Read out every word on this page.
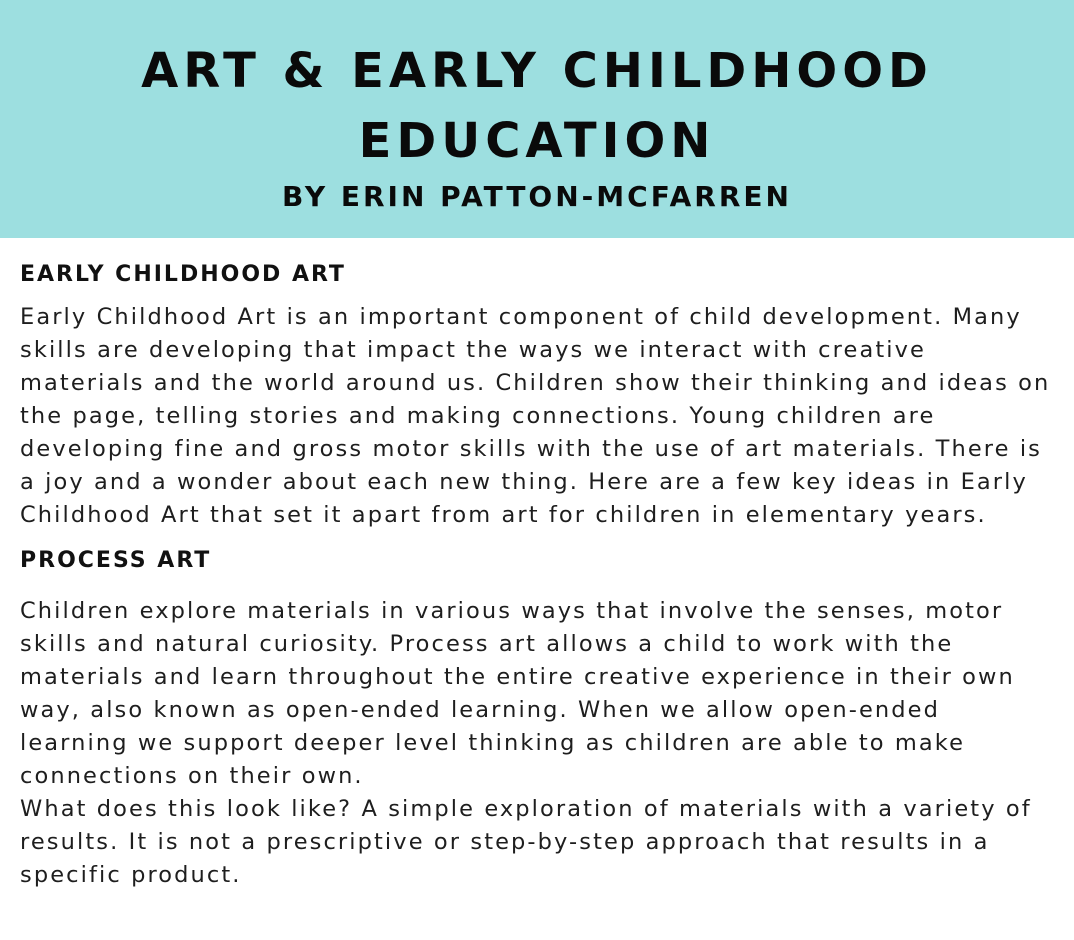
ART & EARLY CHILDHOOD EDUCATION
BY ERIN PATTON-MCFARREN
EARLY CHILDHOOD ART

Early Childhood Art is an important component of child development. Many skills are developing that impact the ways we interact with creative materials and the world around us. Children show their thinking and ideas on the page, telling stories and making connections. Young children are developing fine and gross motor skills with the use of art materials. There is a joy and a wonder about each new thing. Here are a few key ideas in Early Childhood Art that set it apart from art for children in elementary years.

PROCESS ART

Children explore materials in various ways that involve the senses, motor skills and natural curiosity. Process art allows a child to work with the materials and learn throughout the entire creative experience in their own way, also known as open-ended learning. When we allow open-ended learning we support deeper level thinking as children are able to make connections on their own.

What does this look like? A simple exploration of materials with a variety of results. It is not a prescriptive or step-by-step approach that results in a specific product.
